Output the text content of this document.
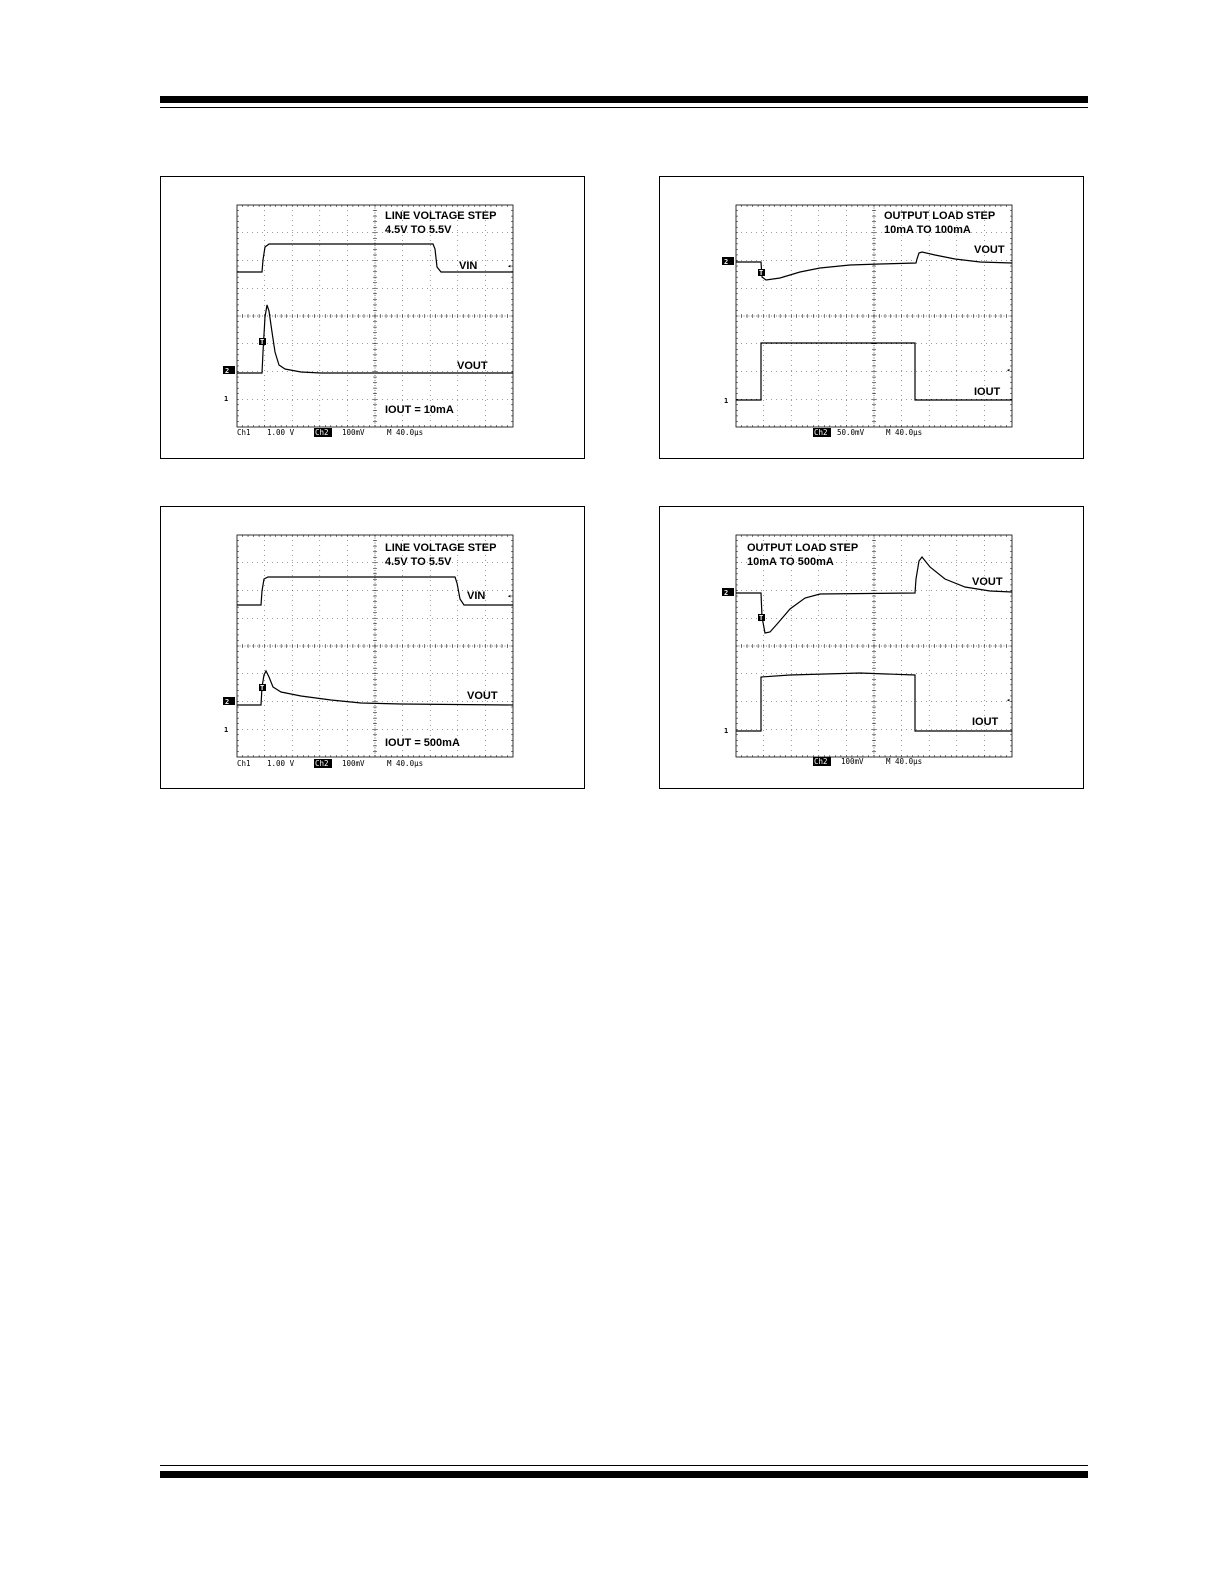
LINE VOLTAGE STEP
4.5V TO 5.5V
VIN	◂
VOUT
2
1
T
IOUT = 10mA
Ch1 1.00 V	Ch2 100mV	M 40.0μs
OUTPUT LOAD STEP
10mA TO 100mA
VOUT
IOUT
◂
2
1
T
Ch2 50.0mV	M 40.0μs
LINE VOLTAGE STEP
4.5V TO 5.5V
VIN	◂
VOUT
2
1
T
IOUT = 500mA
Ch1 1.00 V	Ch2 100mV	M 40.0μs
OUTPUT LOAD STEP
10mA TO 500mA
VOUT
IOUT
◂
2
1
T
Ch2 100mV	M 40.0μs
